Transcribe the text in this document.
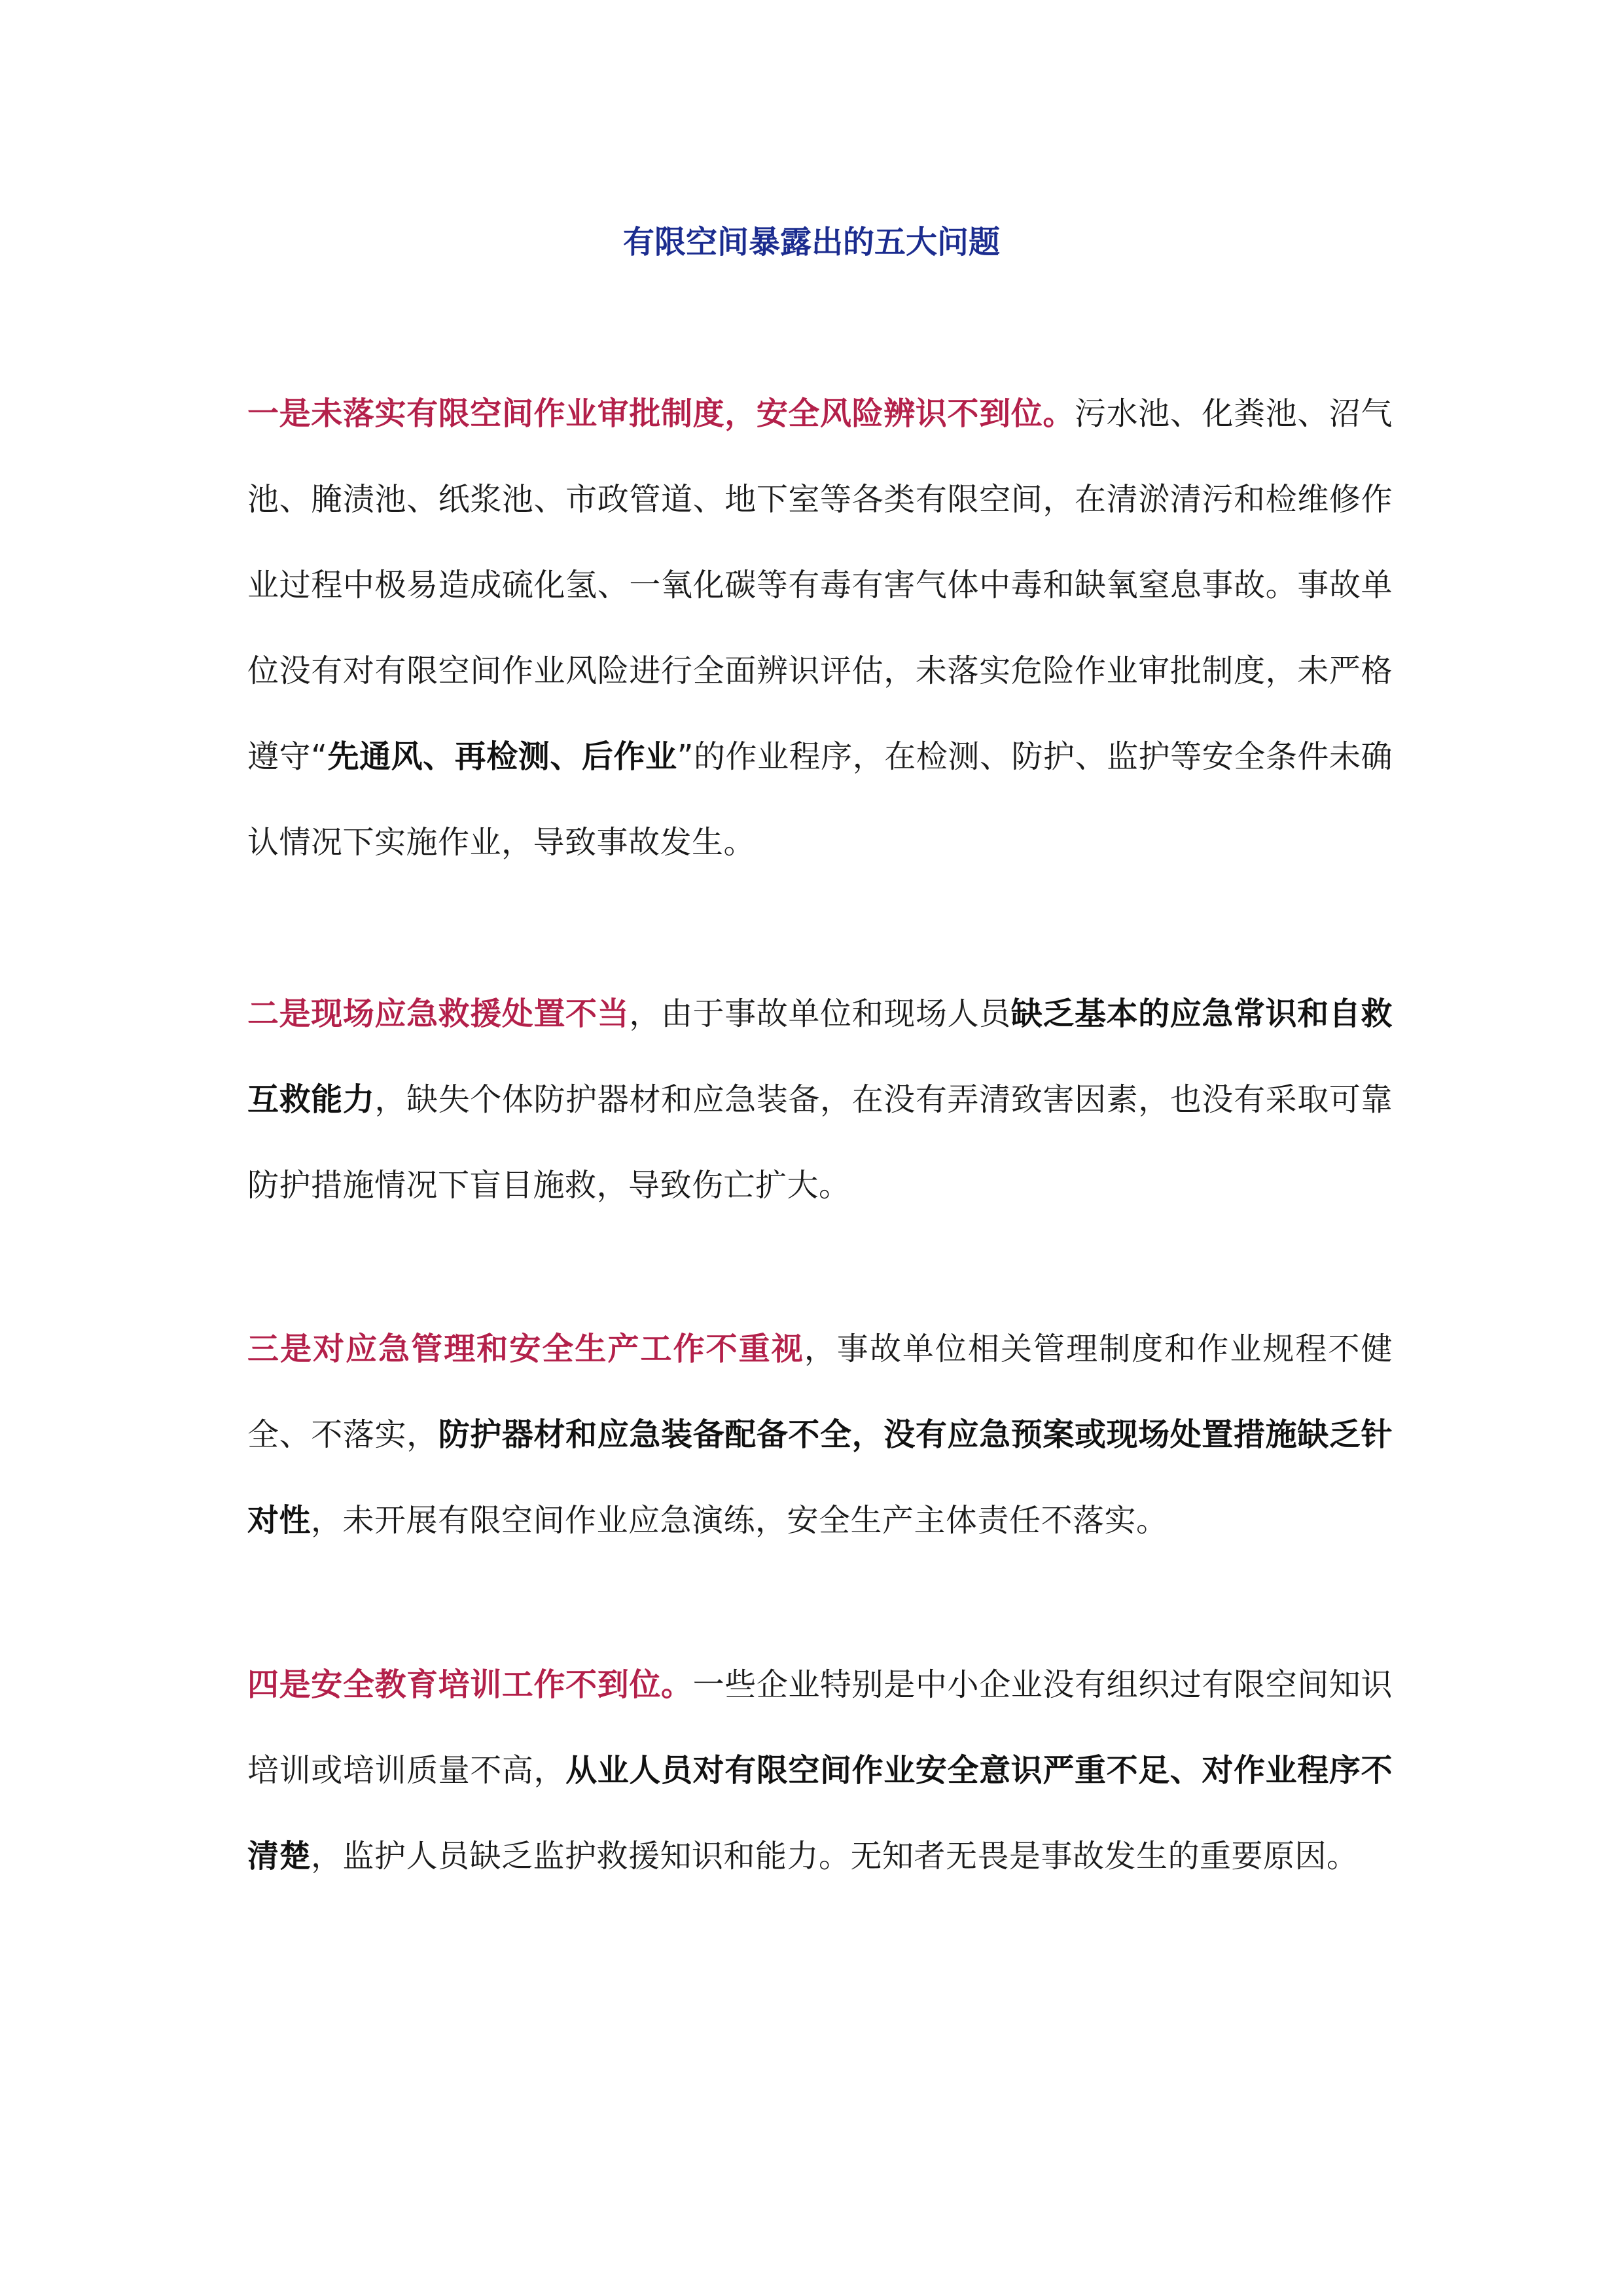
有限空间暴露出的五大问题

一是未落实有限空间作业审批制度，安全风险辨识不到位。污水池、化粪池、沼气池、腌渍池、纸浆池、市政管道、地下室等各类有限空间，在清淤清污和检维修作业过程中极易造成硫化氢、一氧化碳等有毒有害气体中毒和缺氧窒息事故。事故单位没有对有限空间作业风险进行全面辨识评估，未落实危险作业审批制度，未严格遵守“先通风、再检测、后作业”的作业程序，在检测、防护、监护等安全条件未确认情况下实施作业，导致事故发生。

二是现场应急救援处置不当，由于事故单位和现场人员缺乏基本的应急常识和自救互救能力，缺失个体防护器材和应急装备，在没有弄清致害因素，也没有采取可靠防护措施情况下盲目施救，导致伤亡扩大。

三是对应急管理和安全生产工作不重视，事故单位相关管理制度和作业规程不健全、不落实，防护器材和应急装备配备不全，没有应急预案或现场处置措施缺乏针对性，未开展有限空间作业应急演练，安全生产主体责任不落实。

四是安全教育培训工作不到位。一些企业特别是中小企业没有组织过有限空间知识培训或培训质量不高，从业人员对有限空间作业安全意识严重不足、对作业程序不清楚，监护人员缺乏监护救援知识和能力。无知者无畏是事故发生的重要原因。
